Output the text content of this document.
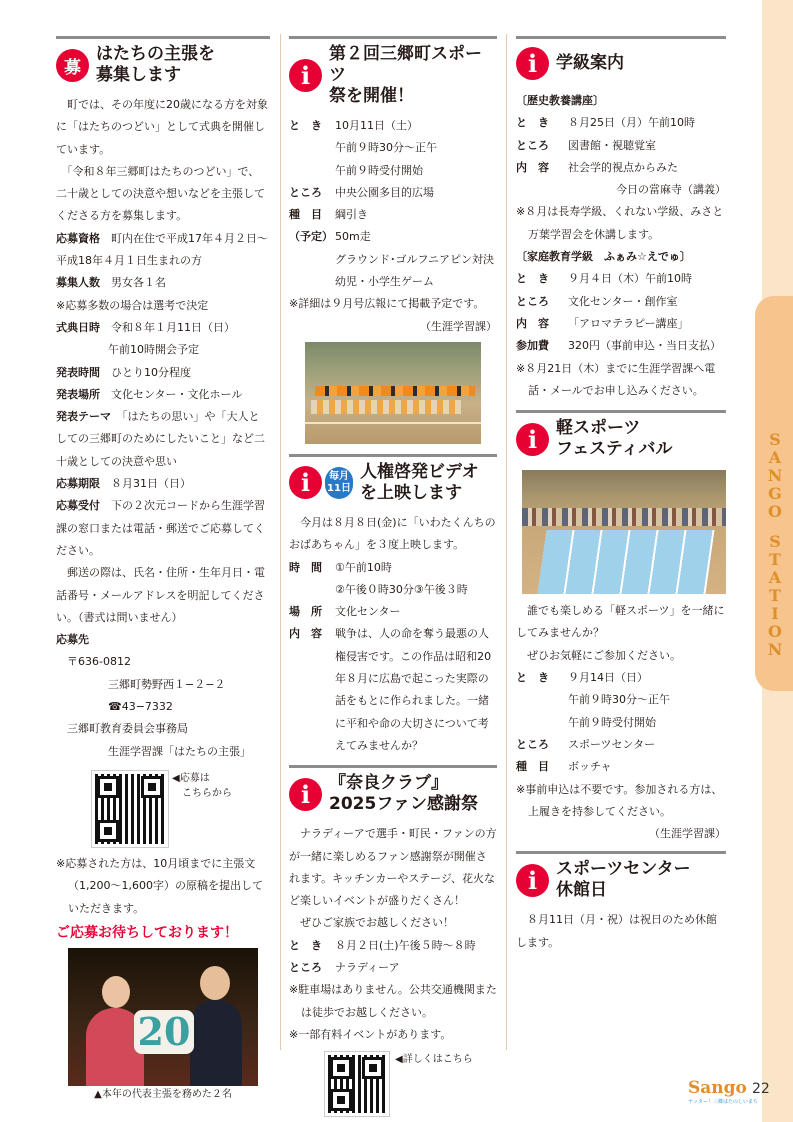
S
A
N
G
O
S
T
A
T
I
O
N
募
はたちの主張を
募集します

　町では、その年度に20歳になる方を対象に「はたちのつどい」として式典を開催しています。

　「令和８年三郷町はたちのつどい」で、二十歳としての決意や想いなどを主張してくださる方を募集します。

応募資格　 町内在住で平成17年４月２日〜平成18年４月１日生まれの方

募集人数　 男女各１名

※応募多数の場合は選考で決定

式典日時　 令和８年１月11日（日）

午前10時開会予定

発表時間　 ひとり10分程度

発表場所　 文化センター・文化ホール

発表テーマ　 「はたちの思い」や「大人としての三郷町のためにしたいこと」など二十歳としての決意や思い

応募期限　 ８月31日（日）

応募受付　 下の２次元コードから生涯学習課の窓口または電話・郵送でご応募してください。

　郵送の際は、氏名・住所・生年月日・電話番号・メールアドレスを明記してください。（書式は問いません）

応募先

〒636-0812

三郷町勢野西１−２−２

☎43−7332

三郷町教育委員会事務局

生涯学習課「はたちの主張」

◀応募は
こちらから

※応募された方は、10月頃までに主張文（1,200〜1,600字）の原稿を提出していただきます。

ご応募お待ちしております！
20
▲本年の代表主張を務めた２名
i
第２回三郷町スポーツ
祭を開催！
と　き	10月11日（土）
午前９時30分〜正午
午前９時受付開始
ところ	中央公園多目的広場
種　目	綱引き
（予定） 50m走
グラウンド･ゴルフニアピン対決
幼児・小学生ゲーム

※詳細は９月号広報にて掲載予定です。

（生涯学習課）

i	毎月
11日
人権啓発ビデオ
を上映します

　今月は８月８日(金)に「いわたくんちのおばあちゃん」を３度上映します。

時　間	①午前10時
②午後０時30分③午後３時
場　所	文化センター
内　容	戦争は、人の命を奪う最悪の人権侵害です。この作品は昭和20年８月に広島で起こった実際の話をもとに作られました。一緒に平和や命の大切さについて考えてみませんか？
i	『奈良クラブ』
2025ファン感謝祭

　ナラディーアで選手・町民・ファンの方が一緒に楽しめるファン感謝祭が開催されます。キッチンカーやステージ、花火など楽しいイベントが盛りだくさん！

　ぜひご家族でお越しください！

と　き	８月２日(土)午後５時〜８時
ところ	ナラディーア

※駐車場はありません。公共交通機関または徒歩でお越しください。

※一部有料イベントがあります。

◀詳しくはこちら
i	学級案内

〔歴史教養講座〕

と　き	８月25日（月）午前10時
ところ	図書館・視聴覚室
内　容	社会学的視点からみた

今日の當麻寺（講義）

※８月は長寿学級、くれない学級、みさと万葉学習会を休講します。

〔家庭教育学級　ふぁみ☆えでゅ〕

と　き	９月４日（木）午前10時
ところ	文化センター・創作室
内　容	「アロマテラピー講座」
参加費	320円（事前申込・当日支払）

※８月21日（木）までに生涯学習課へ電話・メールでお申し込みください。

i	軽スポーツ
フェスティバル

　誰でも楽しめる「軽スポーツ」を一緒にしてみませんか？

　ぜひお気軽にご参加ください。

と　き	９月14日（日）
午前９時30分〜正午
午前９時受付開始
ところ	スポーツセンター
種　目	ボッチャ

※事前申込は不要です。参加される方は、上履きを持参してください。

（生涯学習課）

i	スポーツセンター
休館日

　８月11日（月・祝）は祝日のため休館します。

Sango
ヤッター！三郷はたのしいまち
22
